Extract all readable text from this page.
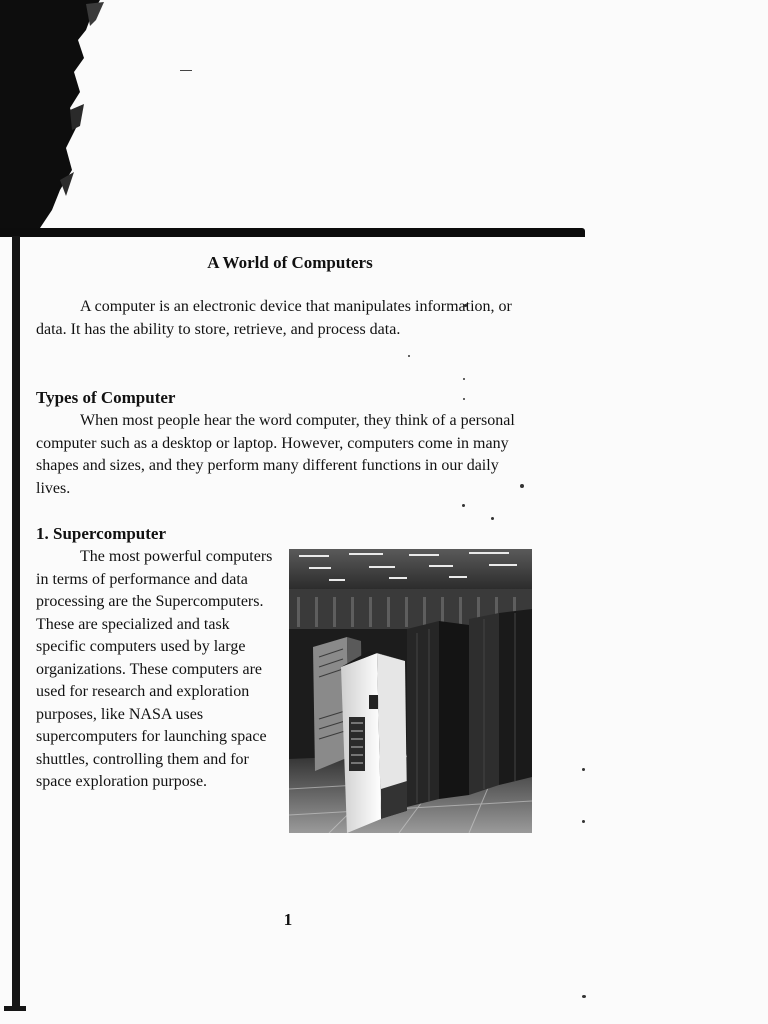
A World of Computers

A computer is an electronic device that manipulates information, or data. It has the ability to store, retrieve, and process data.

Types of Computer

When most people hear the word computer, they think of a personal computer such as a desktop or laptop. However, computers come in many shapes and sizes, and they perform many different functions in our daily lives.

1. Supercomputer

The most powerful computers in terms of performance and data processing are the Supercomputers. These are specialized and task specific computers used by large organizations. These computers are used for research and exploration purposes, like NASA uses supercomputers for launching space shuttles, controlling them and for space exploration purpose.

1
